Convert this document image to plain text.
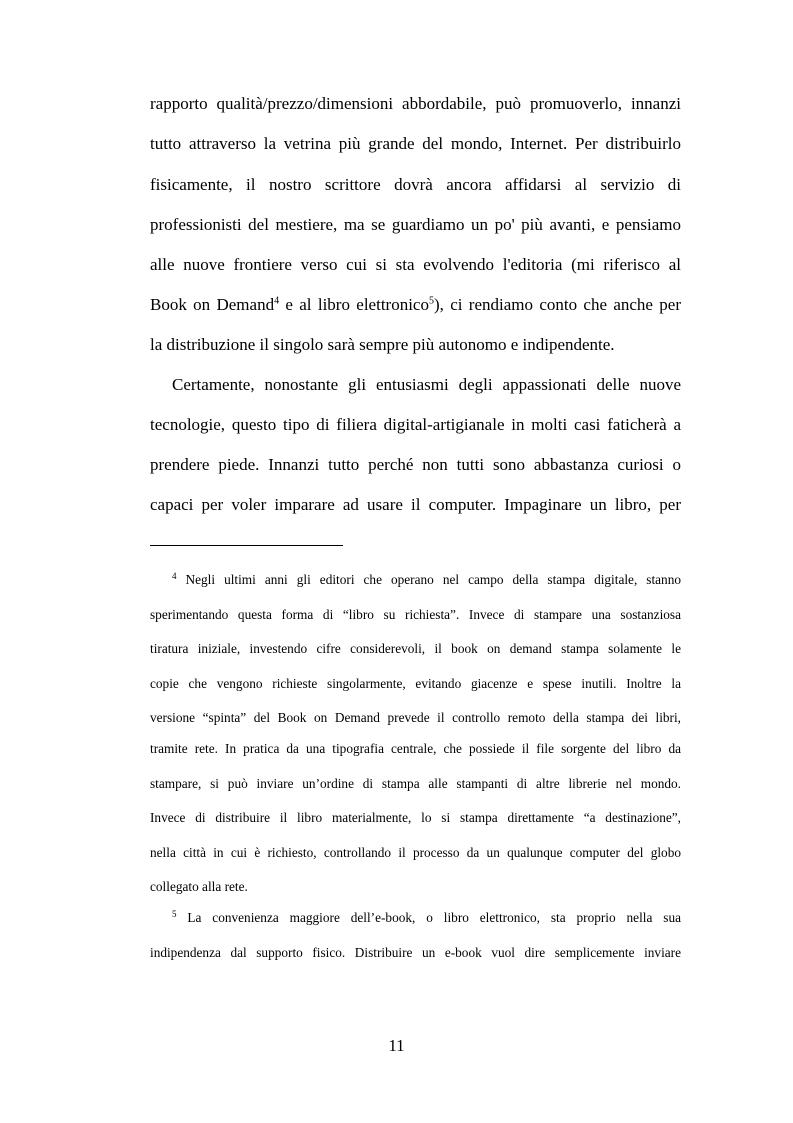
rapporto qualità/prezzo/dimensioni abbordabile, può promuoverlo, innanzi

tutto attraverso la vetrina più grande del mondo, Internet. Per distribuirlo

fisicamente, il nostro scrittore dovrà ancora affidarsi al servizio di

professionisti del mestiere, ma se guardiamo un po' più avanti, e pensiamo

alle nuove frontiere verso cui si sta evolvendo l'editoria (mi riferisco al

Book on Demand$^4$ e al libro elettronico$^5$), ci rendiamo conto che anche per

la distribuzione il singolo sarà sempre più autonomo e indipendente.

Certamente, nonostante gli entusiasmi degli appassionati delle nuove

tecnologie, questo tipo di filiera digital-artigianale in molti casi faticherà a

prendere piede. Innanzi tutto perché non tutti sono abbastanza curiosi o

capaci per voler imparare ad usare il computer. Impaginare un libro, per

$^4$ Negli ultimi anni gli editori che operano nel campo della stampa digitale, stanno

sperimentando questa forma di “libro su richiesta”. Invece di stampare una sostanziosa

tiratura iniziale, investendo cifre considerevoli, il book on demand stampa solamente le

copie che vengono richieste singolarmente, evitando giacenze e spese inutili. Inoltre la

versione “spinta” del Book on Demand prevede il controllo remoto della stampa dei libri,

tramite rete. In pratica da una tipografia centrale, che possiede il file sorgente del libro da

stampare, si può inviare un’ordine di stampa alle stampanti di altre librerie nel mondo.

Invece di distribuire il libro materialmente, lo si stampa direttamente “a destinazione”,

nella città in cui è richiesto, controllando il processo da un qualunque computer del globo

collegato alla rete.

$^5$ La convenienza maggiore dell’e-book, o libro elettronico, sta proprio nella sua

indipendenza dal supporto fisico. Distribuire un e-book vuol dire semplicemente inviare

11
